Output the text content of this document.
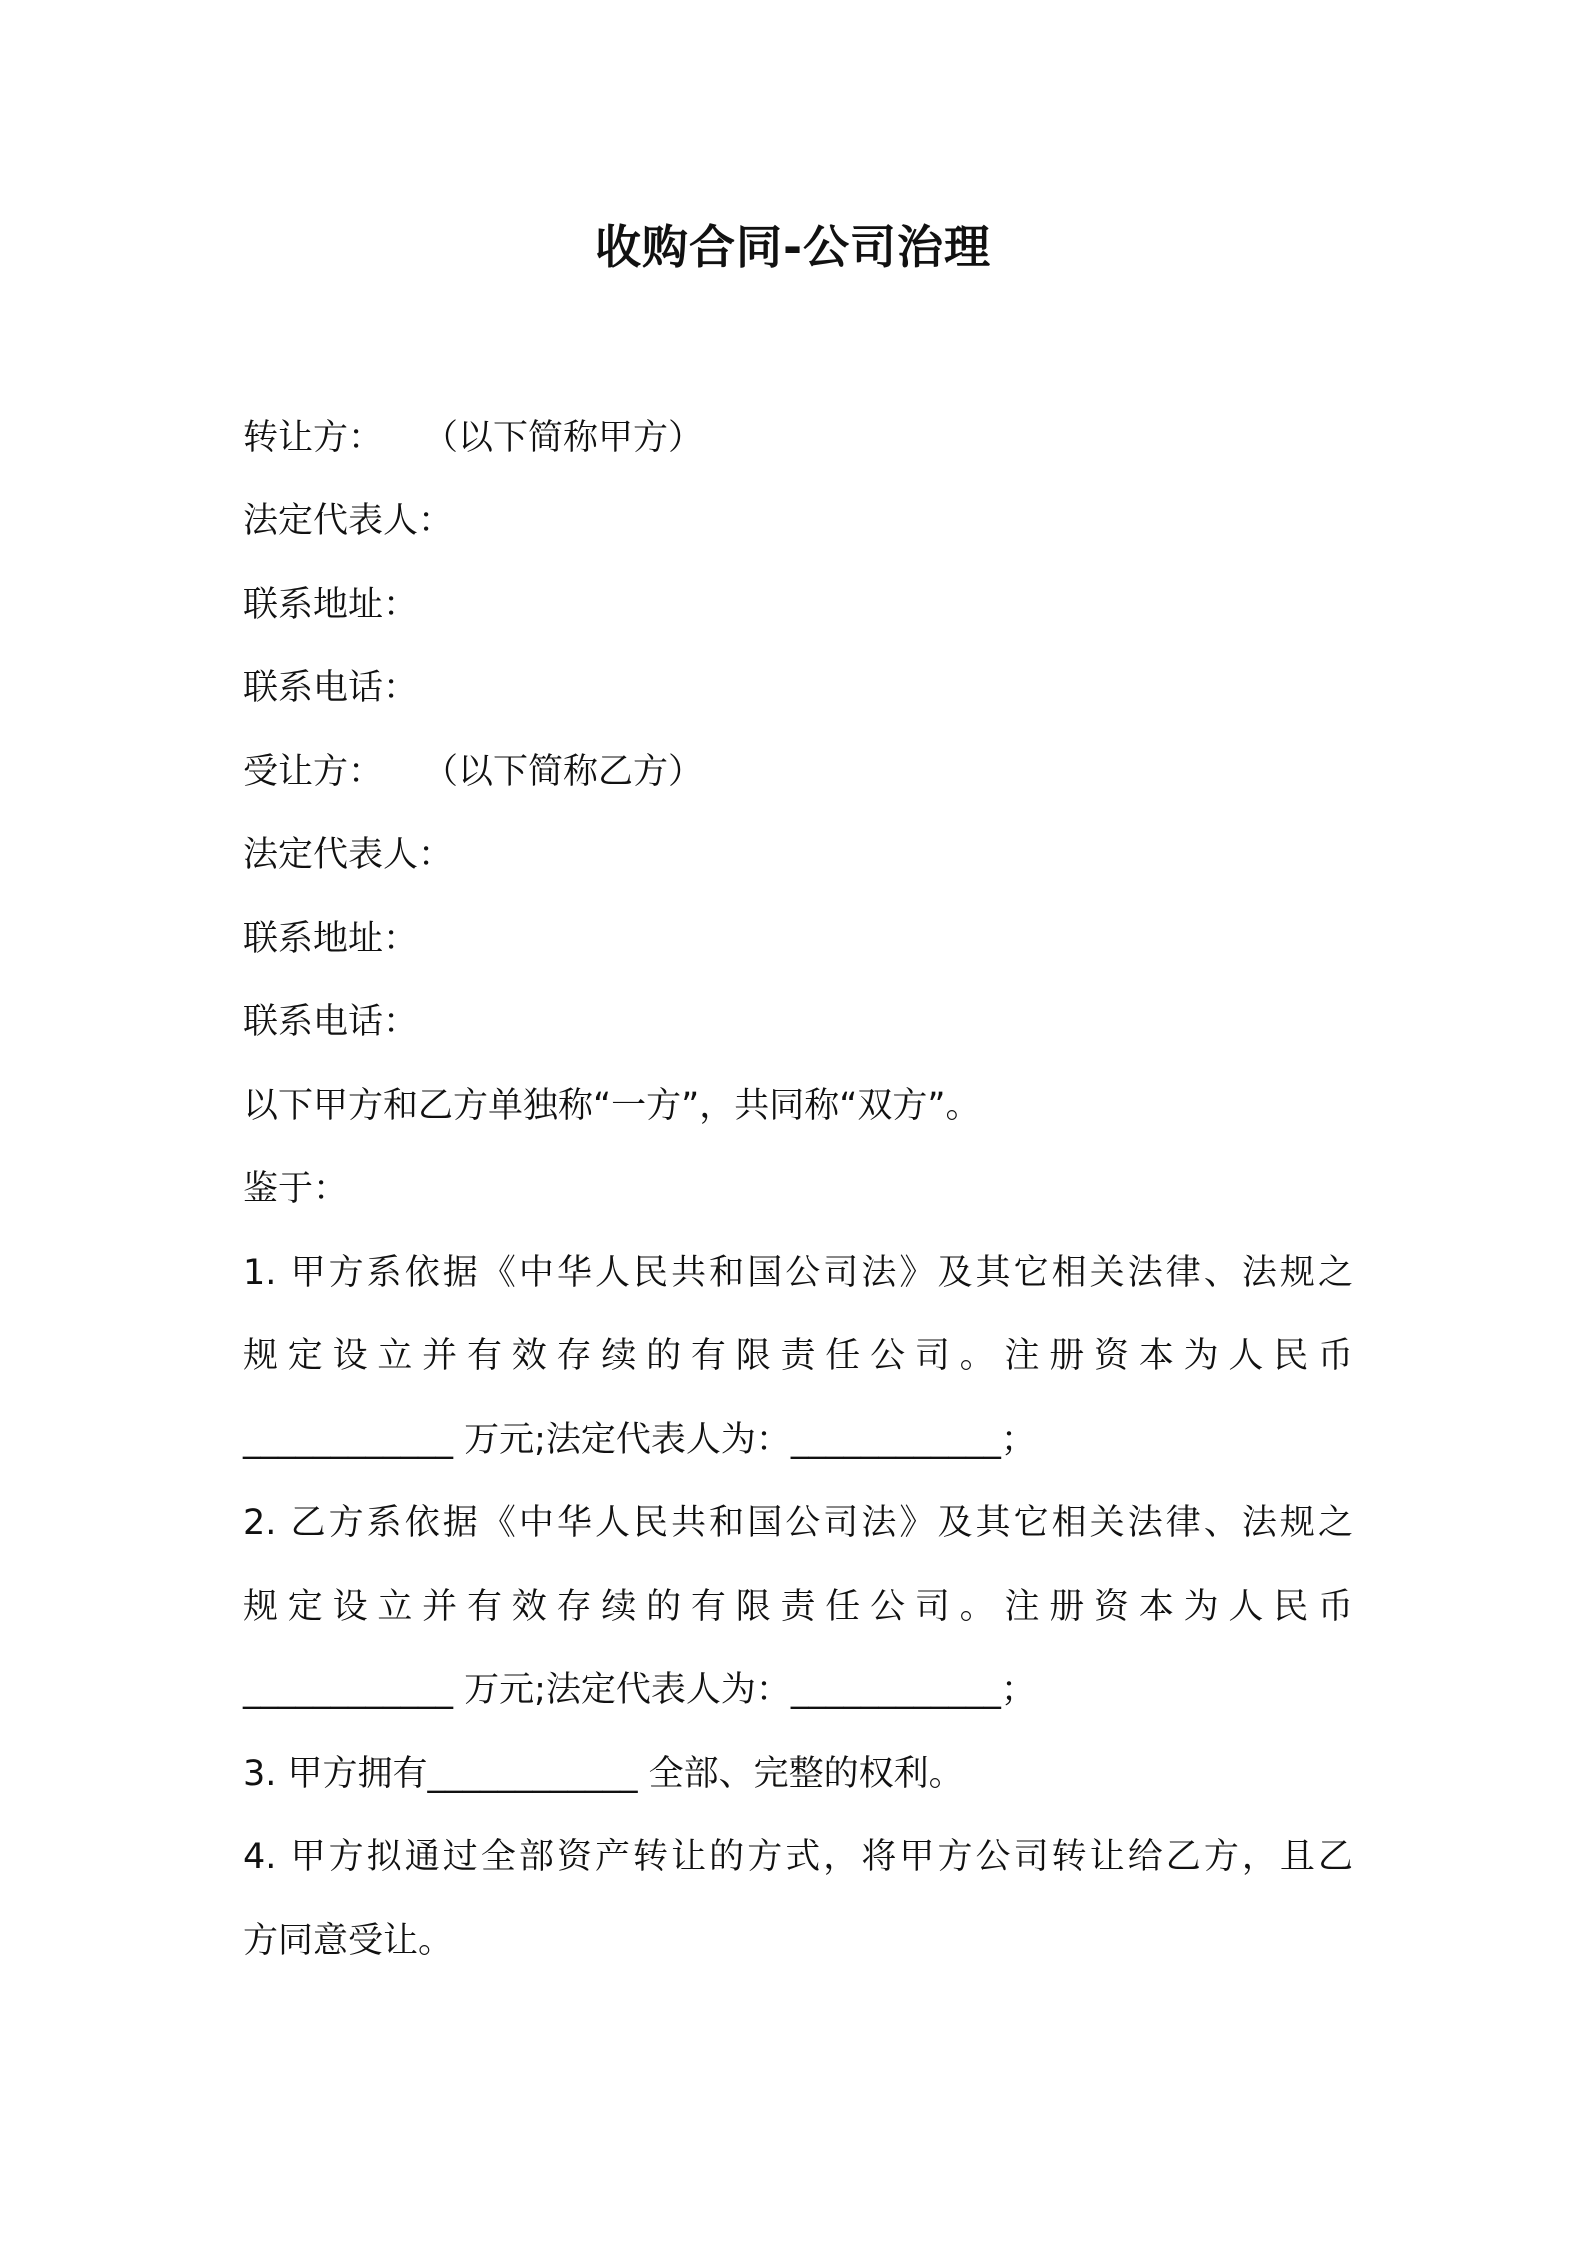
收购合同-公司治理
转让方： （以下简称甲方）
法定代表人：
联系地址：
联系电话：
受让方： （以下简称乙方）
法定代表人：
联系地址：
联系电话：
以下甲方和乙方单独称“一方”，共同称“双方”。
鉴于：
1. 甲方系依据《中华人民共和国公司法》及其它相关法律、法规之
规定设立并有效存续的有限责任公司。注册资本为人民币
____________ 万元;法定代表人为：____________；
2. 乙方系依据《中华人民共和国公司法》及其它相关法律、法规之
规定设立并有效存续的有限责任公司。注册资本为人民币
____________ 万元;法定代表人为：____________；
3. 甲方拥有____________ 全部、完整的权利。
4. 甲方拟通过全部资产转让的方式，将甲方公司转让给乙方，且乙
方同意受让。
